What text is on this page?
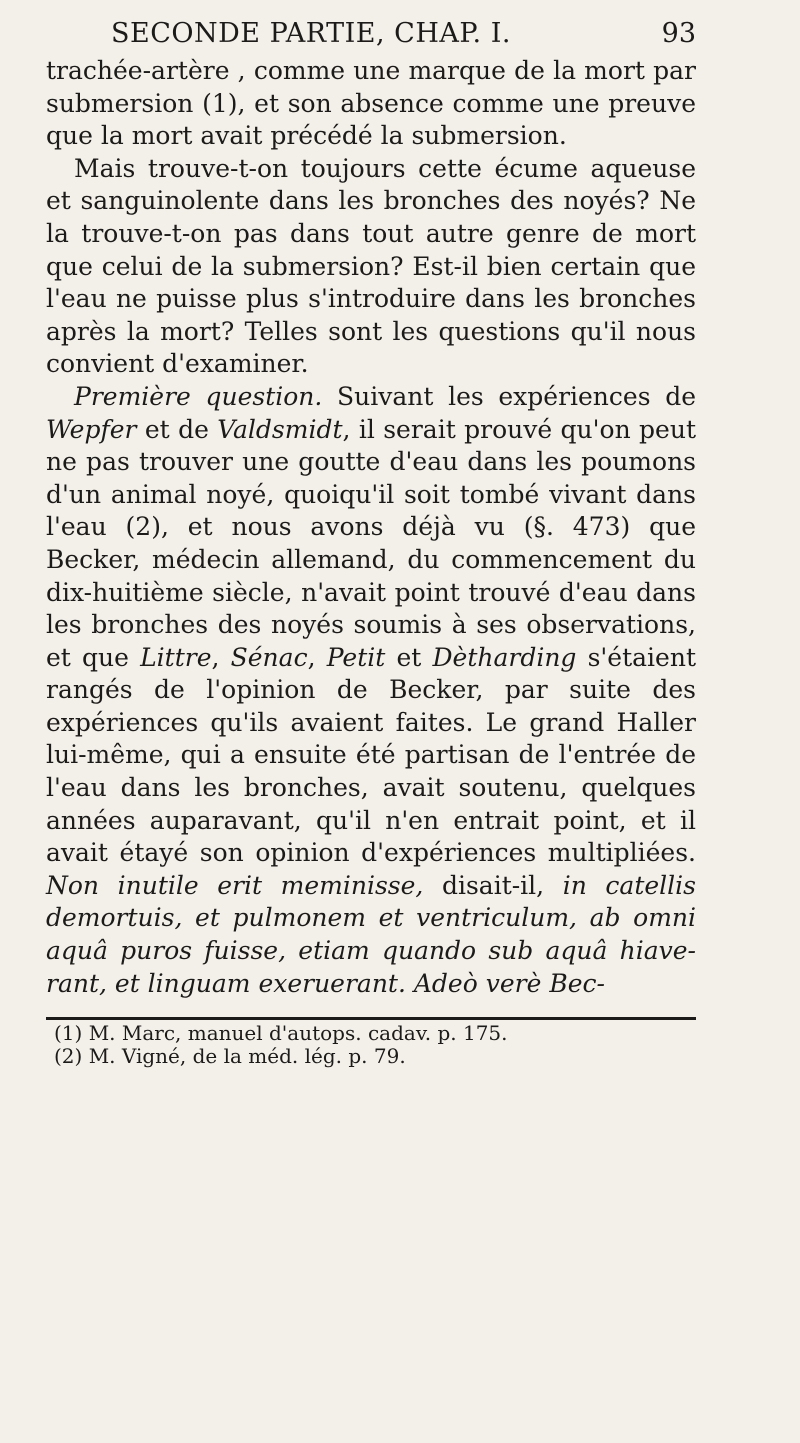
SECONDE PARTIE, CHAP. I.	93

trachée-artère , comme une marque de la mort par submersion (1), et son absence comme une preuve que la mort avait précédé la submersion.

Mais trouve-t-on toujours cette écume aqueuse et sanguinolente dans les bronches des noyés? Ne la trouve-t-on pas dans tout autre genre de mort que celui de la submersion? Est-il bien certain que l'eau ne puisse plus s'introduire dans les bronches après la mort? Telles sont les questions qu'il nous convient d'examiner.

Première question. Suivant les expériences de Wepfer et de Valdsmidt, il serait prouvé qu'on peut ne pas trouver une goutte d'eau dans les poumons d'un animal noyé, quoiqu'il soit tombé vivant dans l'eau (2), et nous avons déjà vu (§. 473) que Becker, médecin allemand, du commencement du dix-huitième siècle, n'avait point trouvé d'eau dans les bronches des noyés soumis à ses observations, et que Littre, Sénac, Petit et Dètharding s'étaient rangés de l'opinion de Becker, par suite des expériences qu'ils avaient faites. Le grand Haller lui-même, qui a ensuite été partisan de l'entrée de l'eau dans les bronches, avait soutenu, quelques années auparavant, qu'il n'en entrait point, et il avait étayé son opinion d'expériences multipliées. Non inutile erit meminisse, disait-il, in catellis demortuis, et pulmonem et ventriculum, ab omni aquâ puros fuisse, etiam quando sub aquâ hiave-rant, et linguam exeruerant. Adeò verè Bec-

(1) M. Marc, manuel d'autops. cadav. p. 175.
(2) M. Vigné, de la méd. lég. p. 79.
